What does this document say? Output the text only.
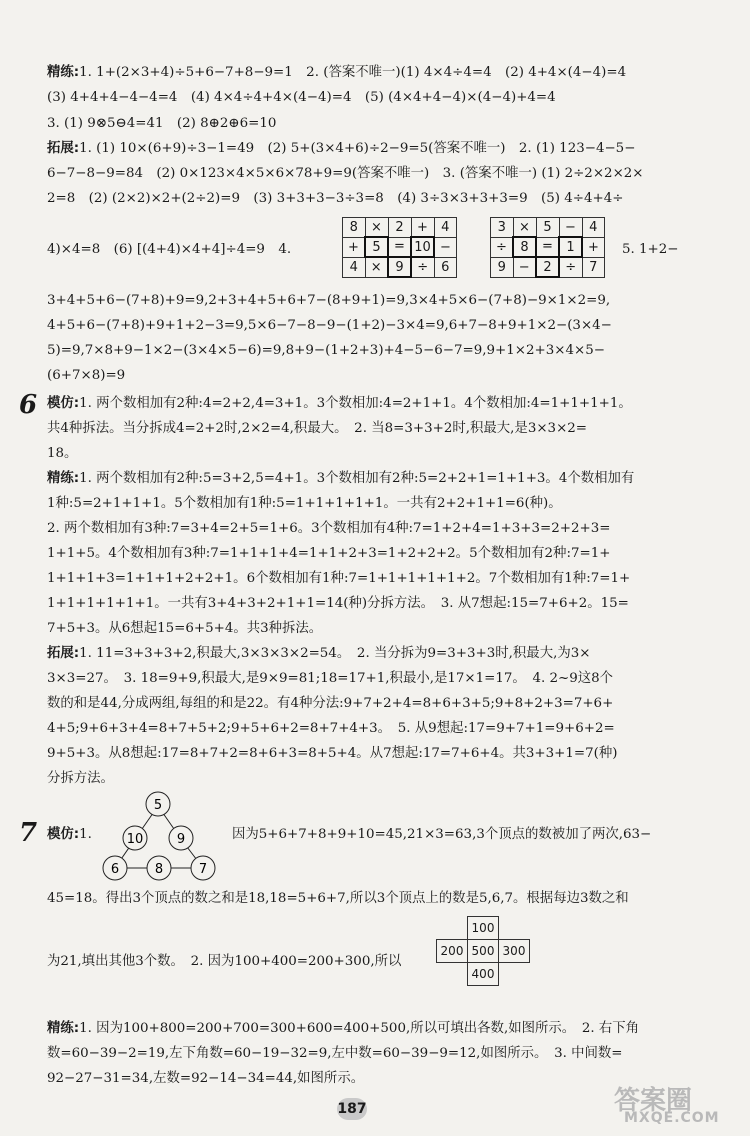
精练:1. 1+(2×3+4)÷5+6−7+8−9=1　2. (答案不唯一)(1) 4×4÷4=4　(2) 4+4×(4−4)=4
(3) 4+4+4−4−4=4　(4) 4×4÷4+4×(4−4)=4　(5) (4×4+4−4)×(4−4)+4=4
3. (1) 9⊗5⊖4=41　(2) 8⊕2⊕6=10
拓展:1. (1) 10×(6+9)÷3−1=49　(2) 5+(3×4+6)÷2−9=5(答案不唯一)　2. (1) 123−4−5−
6−7−8−9=84　(2) 0×123×4×5×6×78+9=9(答案不唯一)　3. (答案不唯一) (1) 2÷2×2×2×
2=8　(2) (2×2)×2+(2÷2)=9　(3) 3+3+3−3÷3=8　(4) 3÷3×3+3+3=9　(5) 4÷4+4÷
4)×4=8　(6) [(4+4)×4+4]÷4=9　4.	5. 1+2−
8	×	2	+	4
+	5	=	10	−
4	×	9	÷	6
3	×	5	−	4
÷	8	=	1	+
9	−	2	÷	7
3+4+5+6−(7+8)+9=9,2+3+4+5+6+7−(8+9+1)=9,3×4+5×6−(7+8)−9×1×2=9,
4+5+6−(7+8)+9+1+2−3=9,5×6−7−8−9−(1+2)−3×4=9,6+7−8+9+1×2−(3×4−
5)=9,7×8+9−1×2−(3×4×5−6)=9,8+9−(1+2+3)+4−5−6−7=9,9+1×2+3×4×5−
(6+7×8)=9
6 模仿:1. 两个数相加有2种:4=2+2,4=3+1。3个数相加:4=2+1+1。4个数相加:4=1+1+1+1。
共4种拆法。当分拆成4=2+2时,2×2=4,积最大。　2. 当8=3+3+2时,积最大,是3×3×2=
18。
精练:1. 两个数相加有2种:5=3+2,5=4+1。3个数相加有2种:5=2+2+1=1+1+3。4个数相加有
1种:5=2+1+1+1。5个数相加有1种:5=1+1+1+1+1。一共有2+2+1+1=6(种)。
2. 两个数相加有3种:7=3+4=2+5=1+6。3个数相加有4种:7=1+2+4=1+3+3=2+2+3=
1+1+5。4个数相加有3种:7=1+1+1+4=1+1+2+3=1+2+2+2。5个数相加有2种:7=1+
1+1+1+3=1+1+1+2+2+1。6个数相加有1种:7=1+1+1+1+1+2。7个数相加有1种:7=1+
1+1+1+1+1+1。一共有3+4+3+2+1+1=14(种)分拆方法。　3. 从7想起:15=7+6+2。15=
7+5+3。从6想起15=6+5+4。共3种拆法。
拓展:1. 11=3+3+3+2,积最大,3×3×3×2=54。　2. 当分拆为9=3+3+3时,积最大,为3×
3×3=27。　3. 18=9+9,积最大,是9×9=81;18=17+1,积最小,是17×1=17。　4. 2~9这8个
数的和是44,分成两组,每组的和是22。有4种分法:9+7+2+4=8+6+3+5;9+8+2+3=7+6+
4+5;9+6+3+4=8+7+5+2;9+5+6+2=8+7+4+3。　5. 从9想起:17=9+7+1=9+6+2=
9+5+3。从8想起:17=8+7+2=8+6+3=8+5+4。从7想起:17=7+6+4。共3+3+1=7(种)
分拆方法。
7 模仿:1.
5
10	9
6	8	7
因为5+6+7+8+9+10=45,21×3=63,3个顶点的数被加了两次,63−
45=18。得出3个顶点的数之和是18,18=5+6+7,所以3个顶点上的数是5,6,7。根据每边3数之和
为21,填出其他3个数。　2. 因为100+400=200+300,所以
	100	
200	500	300
	400	
精练:1. 因为100+800=200+700=300+600=400+500,所以可填出各数,如图所示。　2. 右下角
数=60−39−2=19,左下角数=60−19−32=9,左中数=60−39−9=12,如图所示。　3. 中间数=
92−27−31=34,左数=92−14−34=44,如图所示。
187	答案圈
MXQE.COM
